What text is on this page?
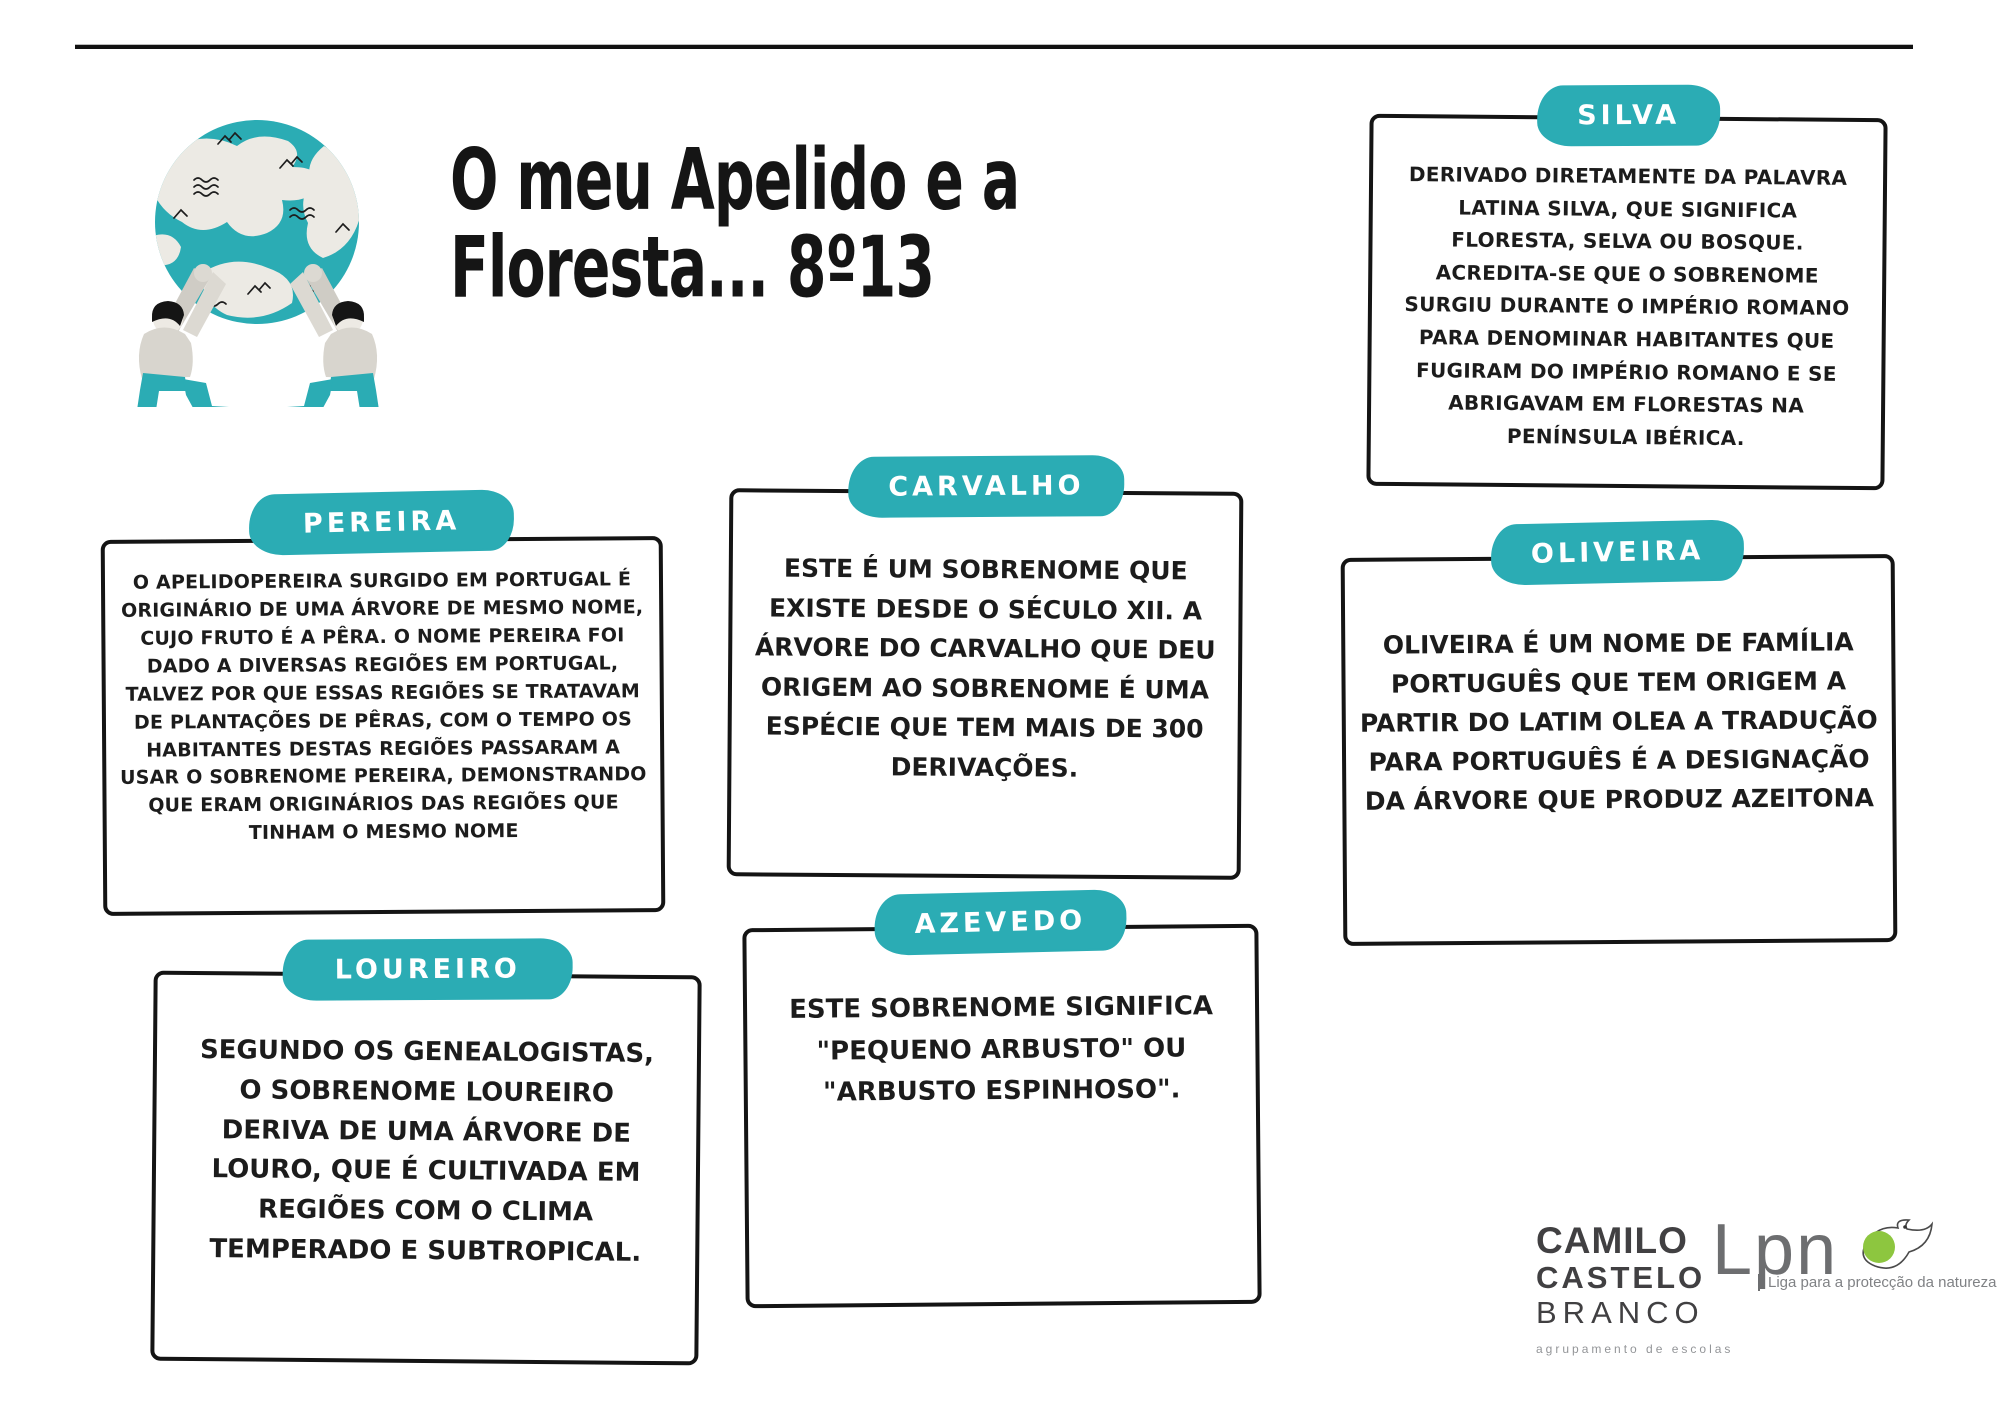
O meu Apelido e a
Floresta... 8º13
SILVA
DERIVADO DIRETAMENTE DA PALAVRA LATINA SILVA, QUE SIGNIFICA FLORESTA, SELVA OU BOSQUE. ACREDITA-SE QUE O SOBRENOME SURGIU DURANTE O IMPÉRIO ROMANO PARA DENOMINAR HABITANTES QUE FUGIRAM DO IMPÉRIO ROMANO E SE ABRIGAVAM EM FLORESTAS NA PENÍNSULA IBÉRICA.
PEREIRA
O APELIDOPEREIRA SURGIDO EM PORTUGAL É ORIGINÁRIO DE UMA ÁRVORE DE MESMO NOME, CUJO FRUTO É A PÊRA. O NOME PEREIRA FOI DADO A DIVERSAS REGIÕES EM PORTUGAL, TALVEZ POR QUE ESSAS REGIÕES SE TRATAVAM DE PLANTAÇÕES DE PÊRAS, COM O TEMPO OS HABITANTES DESTAS REGIÕES PASSARAM A USAR O SOBRENOME PEREIRA, DEMONSTRANDO QUE ERAM ORIGINÁRIOS DAS REGIÕES QUE TINHAM O MESMO NOME
CARVALHO
ESTE É UM SOBRENOME QUE EXISTE DESDE O SÉCULO XII. A ÁRVORE DO CARVALHO QUE DEU ORIGEM AO SOBRENOME É UMA ESPÉCIE QUE TEM MAIS DE 300 DERIVAÇÕES.
OLIVEIRA
OLIVEIRA É UM NOME DE FAMÍLIA PORTUGUÊS QUE TEM ORIGEM A PARTIR DO LATIM OLEA A TRADUÇÃO PARA PORTUGUÊS É A DESIGNAÇÃO DA ÁRVORE QUE PRODUZ AZEITONA
LOUREIRO
SEGUNDO OS GENEALOGISTAS, O SOBRENOME LOUREIRO DERIVA DE UMA ÁRVORE DE LOURO, QUE É CULTIVADA EM REGIÕES COM O CLIMA TEMPERADO E SUBTROPICAL.
AZEVEDO
ESTE SOBRENOME SIGNIFICA "PEQUENO ARBUSTO" OU "ARBUSTO ESPINHOSO".
CAMILO
CASTELO
BRANCO
agrupamento de escolas
Lpn
Liga para a protecção da natureza
